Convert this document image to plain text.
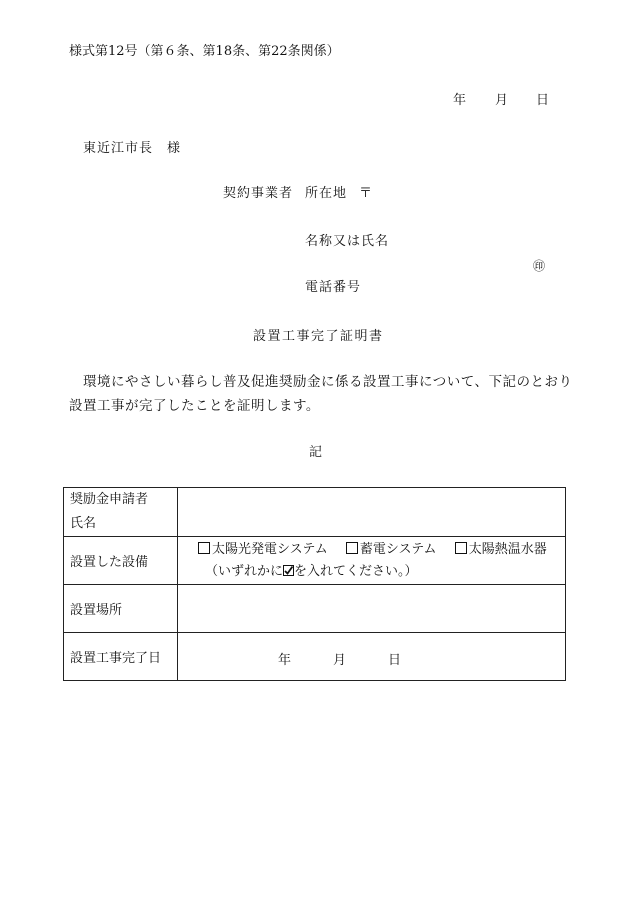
様式第12号（第６条、第18条、第22条関係）
年 月 日
東近江市長　様
契約事業者 所在地 〒
名称又は氏名
㊞
電話番号
設置工事完了証明書
環境にやさしい暮らし普及促進奨励金に係る設置工事について、下記のとおり
設置工事が完了したことを証明します。
記
奨励金申請者
氏名	

設置した設備	太陽光発電システム 蓄電システム 太陽熱温水器
（いずれかに を入れてください。）

設置場所	
設置工事完了日	年 月 日
